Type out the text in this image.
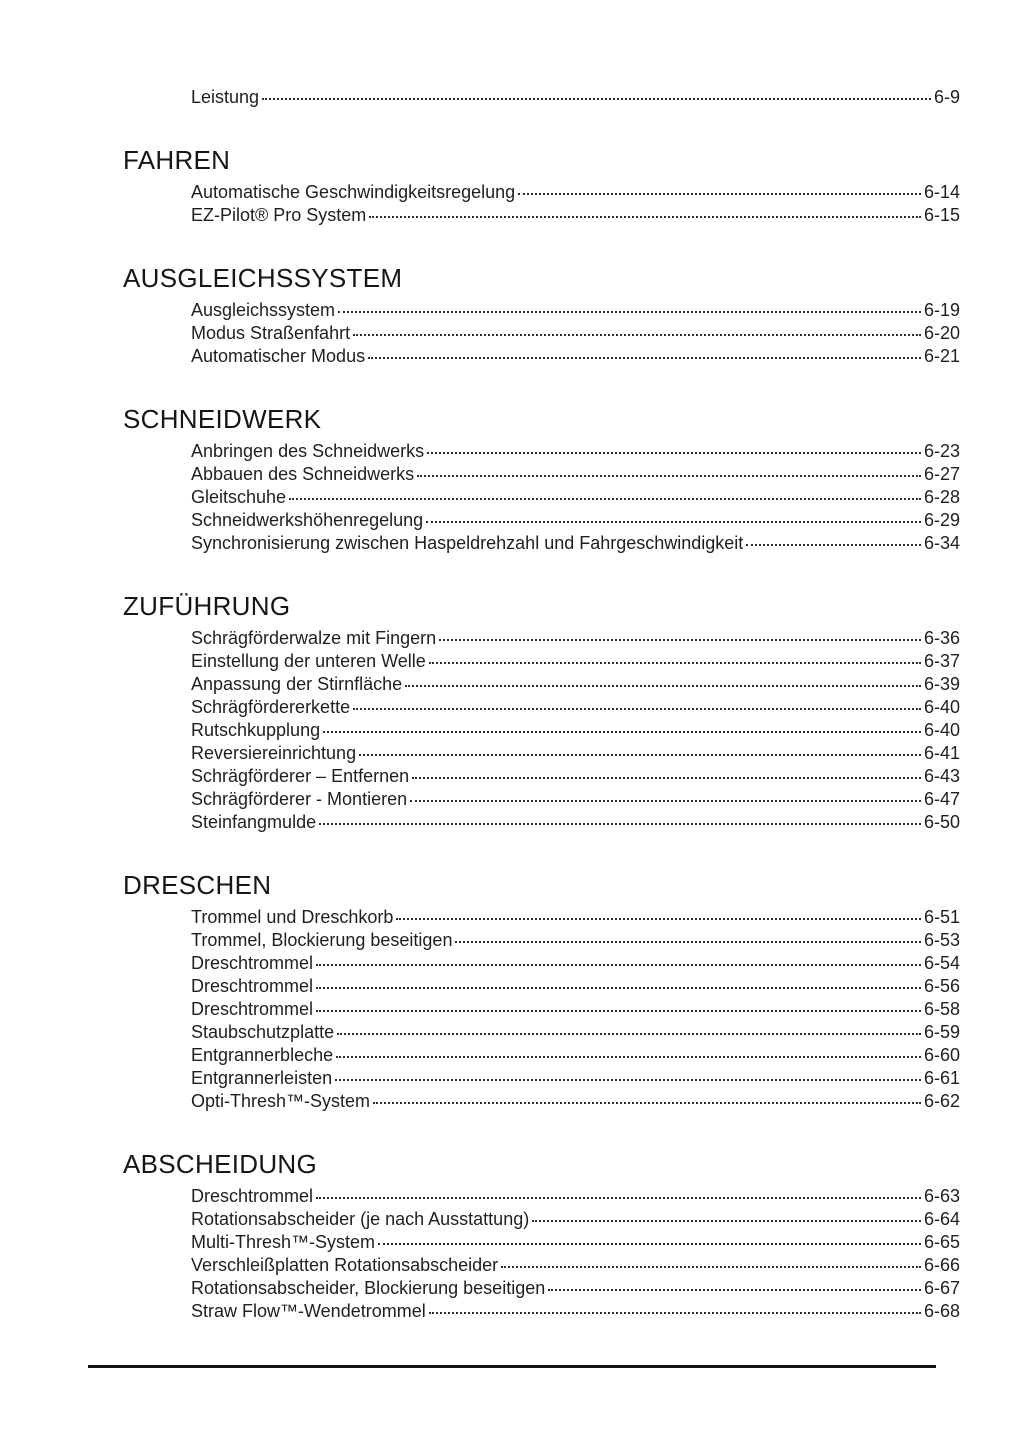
Leistung	6-9
FAHREN
Automatische Geschwindigkeitsregelung	6-14
EZ-Pilot® Pro System	6-15
AUSGLEICHSSYSTEM
Ausgleichssystem	6-19
Modus Straßenfahrt	6-20
Automatischer Modus	6-21
SCHNEIDWERK
Anbringen des Schneidwerks	6-23
Abbauen des Schneidwerks	6-27
Gleitschuhe	6-28
Schneidwerkshöhenregelung	6-29
Synchronisierung zwischen Haspeldrehzahl und Fahrgeschwindigkeit	6-34
ZUFÜHRUNG
Schrägförderwalze mit Fingern	6-36
Einstellung der unteren Welle	6-37
Anpassung der Stirnfläche	6-39
Schrägfördererkette	6-40
Rutschkupplung	6-40
Reversiereinrichtung	6-41
Schrägförderer – Entfernen	6-43
Schrägförderer - Montieren	6-47
Steinfangmulde	6-50
DRESCHEN
Trommel und Dreschkorb	6-51
Trommel, Blockierung beseitigen	6-53
Dreschtrommel	6-54
Dreschtrommel	6-56
Dreschtrommel	6-58
Staubschutzplatte	6-59
Entgrannerbleche	6-60
Entgrannerleisten	6-61
Opti-Thresh™-System	6-62
ABSCHEIDUNG
Dreschtrommel	6-63
Rotationsabscheider (je nach Ausstattung)	6-64
Multi-Thresh™-System	6-65
Verschleißplatten Rotationsabscheider	6-66
Rotationsabscheider, Blockierung beseitigen	6-67
Straw Flow™-Wendetrommel	6-68
